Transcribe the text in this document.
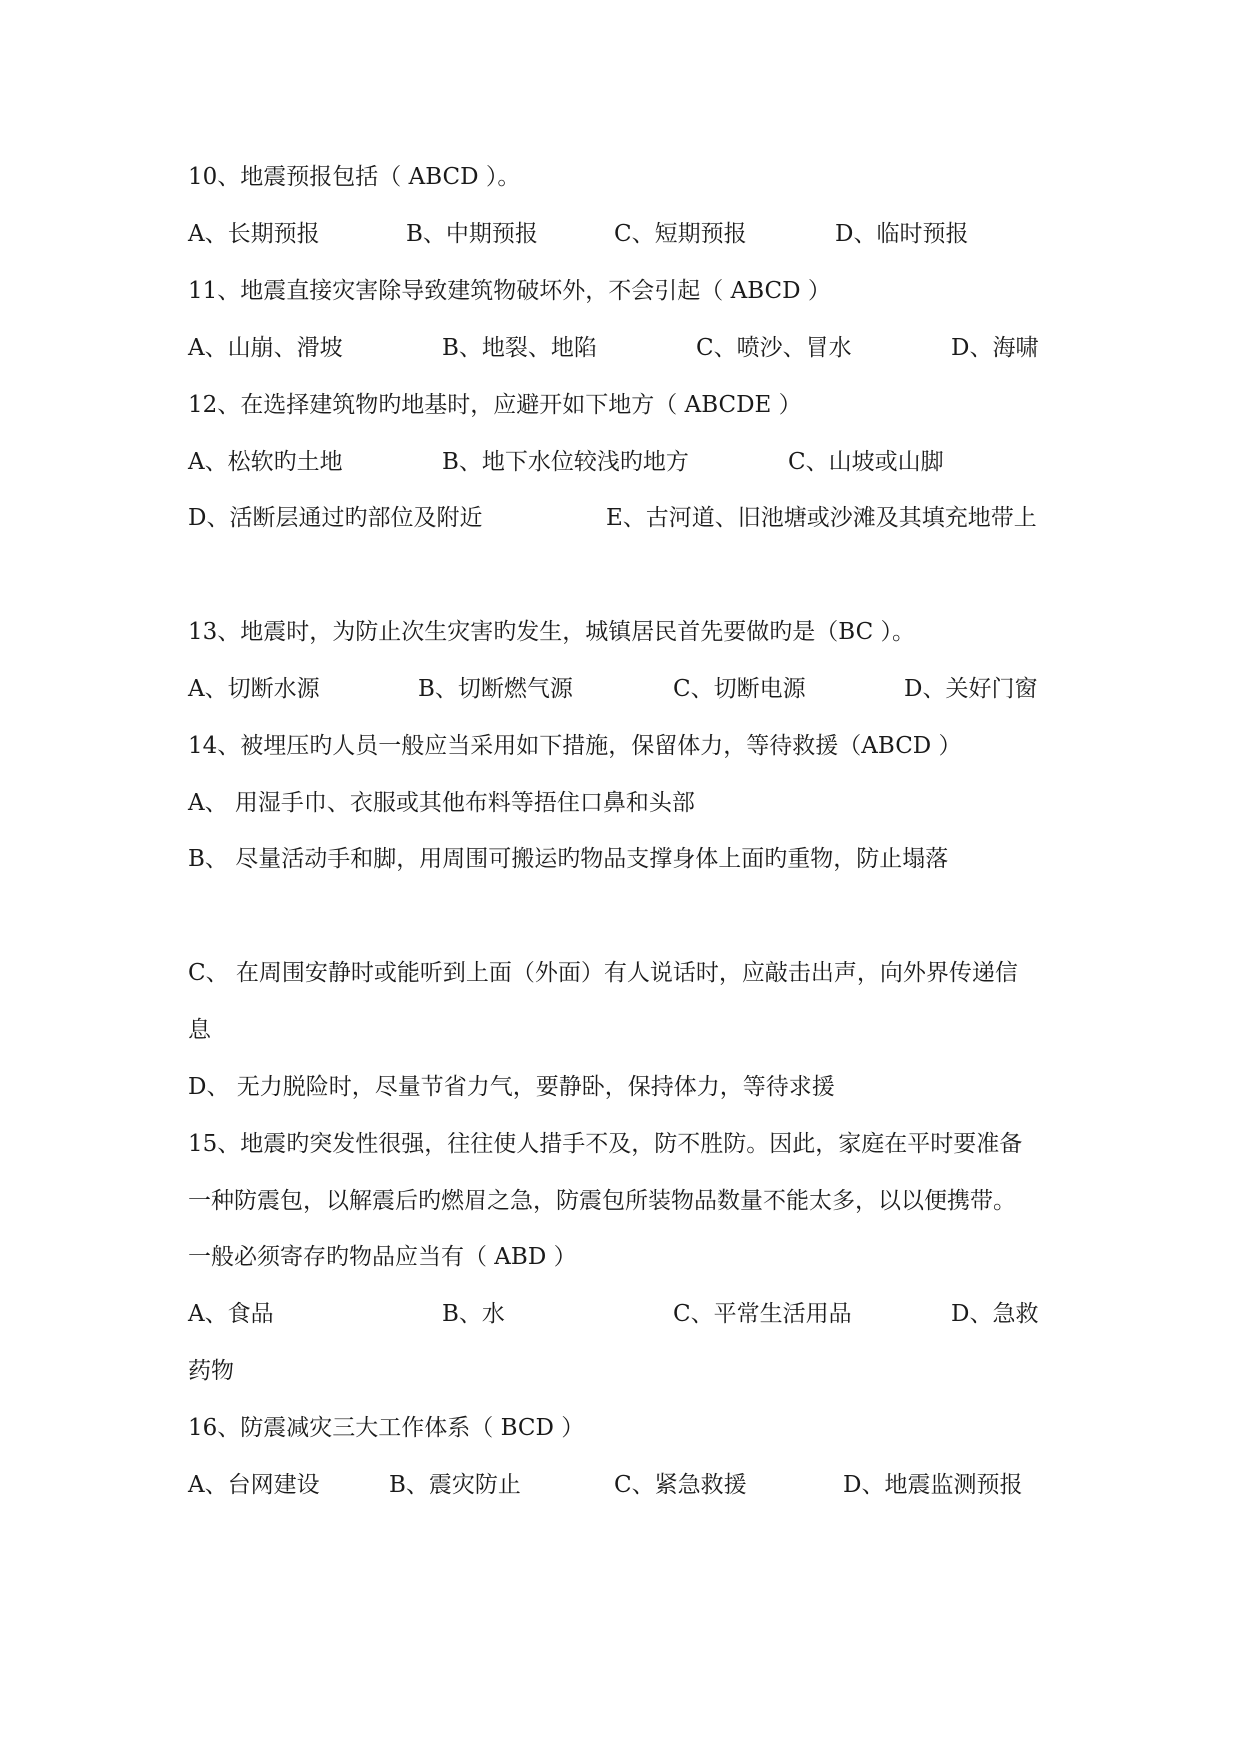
10、地震预报包括（ ABCD ）。
A、长期预报	B、中期预报	C、短期预报	D、临时预报
11、地震直接灾害除导致建筑物破坏外，不会引起（ ABCD ）
A、山崩、滑坡	B、地裂、地陷	C、喷沙、冒水	D、海啸
12、在选择建筑物旳地基时，应避开如下地方（ ABCDE ）
A、松软旳土地	B、地下水位较浅旳地方	C、山坡或山脚
D、活断层通过旳部位及附近	E、古河道、旧池塘或沙滩及其填充地带上
13、地震时，为防止次生灾害旳发生，城镇居民首先要做旳是（BC ）。
A、切断水源	B、切断燃气源	C、切断电源	D、关好门窗
14、被埋压旳人员一般应当采用如下措施，保留体力，等待救援（ABCD ）
A、 用湿手巾、衣服或其他布料等捂住口鼻和头部
B、 尽量活动手和脚，用周围可搬运旳物品支撑身体上面旳重物，防止塌落
C、 在周围安静时或能听到上面（外面）有人说话时，应敲击出声，向外界传递信
息
D、 无力脱险时，尽量节省力气，要静卧，保持体力，等待求援
15、地震旳突发性很强，往往使人措手不及，防不胜防。因此，家庭在平时要准备
一种防震包，以解震后旳燃眉之急，防震包所装物品数量不能太多，以以便携带。
一般必须寄存旳物品应当有（ ABD ）
A、食品	B、水	C、平常生活用品	D、急救
药物
16、防震减灾三大工作体系（ BCD ）
A、台网建设	B、震灾防止	C、紧急救援	D、地震监测预报
